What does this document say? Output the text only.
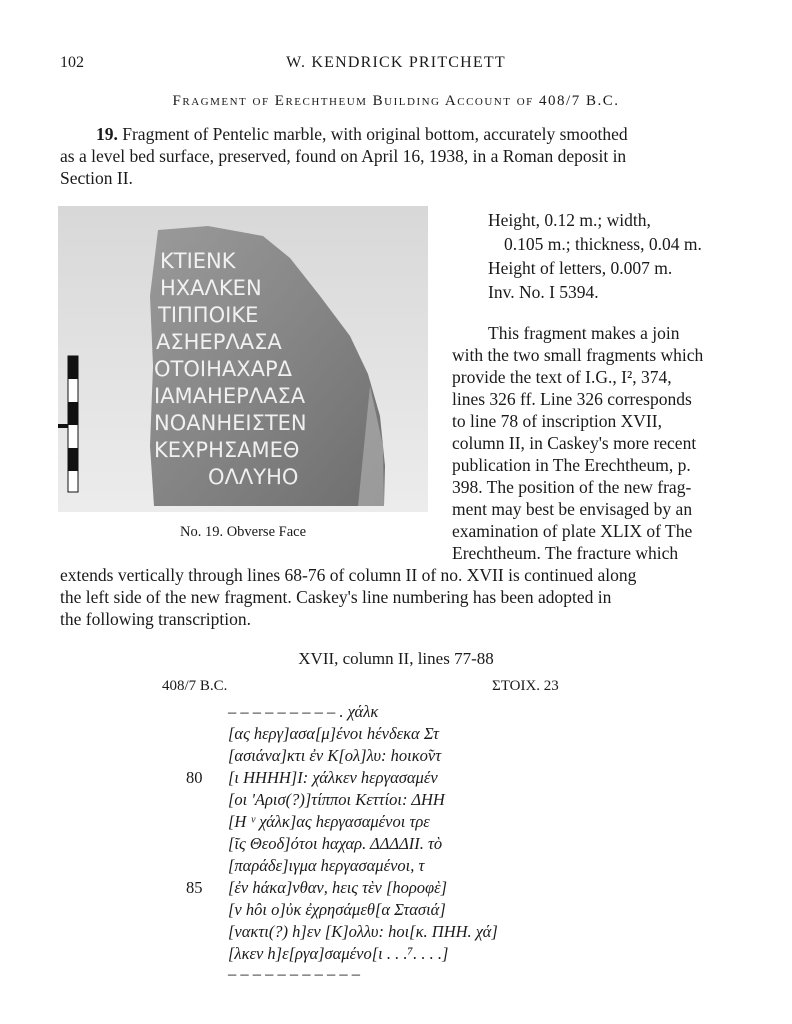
102	W. KENDRICK PRITCHETT
Fragment of Erechtheum Building Account of 408/7 B.C.
19. Fragment of Pentelic marble, with original bottom, accurately smoothed
as a level bed surface, preserved, found on April 16, 1938, in a Roman deposit in
Section II.
ΚΤΙΕΝΚ
ΗΧΑΛΚΕΝ
ΤΙΠΠΟΙΚΕ
ΑΣΗΕΡΛΑΣΑ
ΟΤΟΙΗΑΧΑΡΔ
ΙΑΜΑΗΕΡΛΑΣΑ
ΝΟΑΝΗΕΙΣΤΕΝ
ΚΕΧΡΗΣΑΜΕΘ
ΟΛΛΥΗΟ
No. 19. Obverse Face
Height, 0.12 m.; width,
0.105 m.; thickness, 0.04 m.
Height of letters, 0.007 m.
Inv. No. I 5394.
This fragment makes a join
with the two small fragments which
provide the text of I.G., I², 374,
lines 326 ff. Line 326 corresponds
to line 78 of inscription XVII,
column II, in Caskey's more recent
publication in The Erechtheum, p.
398. The position of the new frag-
ment may best be envisaged by an
examination of plate XLIX of The
Erechtheum. The fracture which
extends vertically through lines 68-76 of column II of no. XVII is continued along
the left side of the new fragment. Caskey's line numbering has been adopted in
the following transcription.
XVII, column II, lines 77-88
408/7 B.C.	ΣΤΟΙΧ. 23
– – – – – – – – – . χάλκ
[ας hεργ]ασα[μ]ένοι hένδεκα Στ
[ασιάνα]κτι ἐν Κ[ολ]λυ: hοικο̃ντ
80 [ι ΗΗΗΗ]Ι: χάλκεν hεργασαμέν
[οι 'Αρισ(?)]τίπποι Κεττίοι: ΔΗΗ
[Η ᵛ χάλκ]ας hεργασαμένοι τρε
[ῖς Θεοδ]ότοι hαχαρ. ΔΔΔΔΙΙ. τὸ
[παράδε]ιγμα hεργασαμένοι, τ
85 [ἐν hάκα]νθαν, hεις τὲν [hοροφὲ]
[ν hôι ο]ὐκ ἐχρησάμεθ[α Στασιά]
[νακτι(?) h]εν [Κ]ολλυ: hοι[κ. ΠΗΗ. χά]
[λκεν h]ε[ργα]σαμένο[ι . . .⁷. . . .]
– – – – – – – – – – –
